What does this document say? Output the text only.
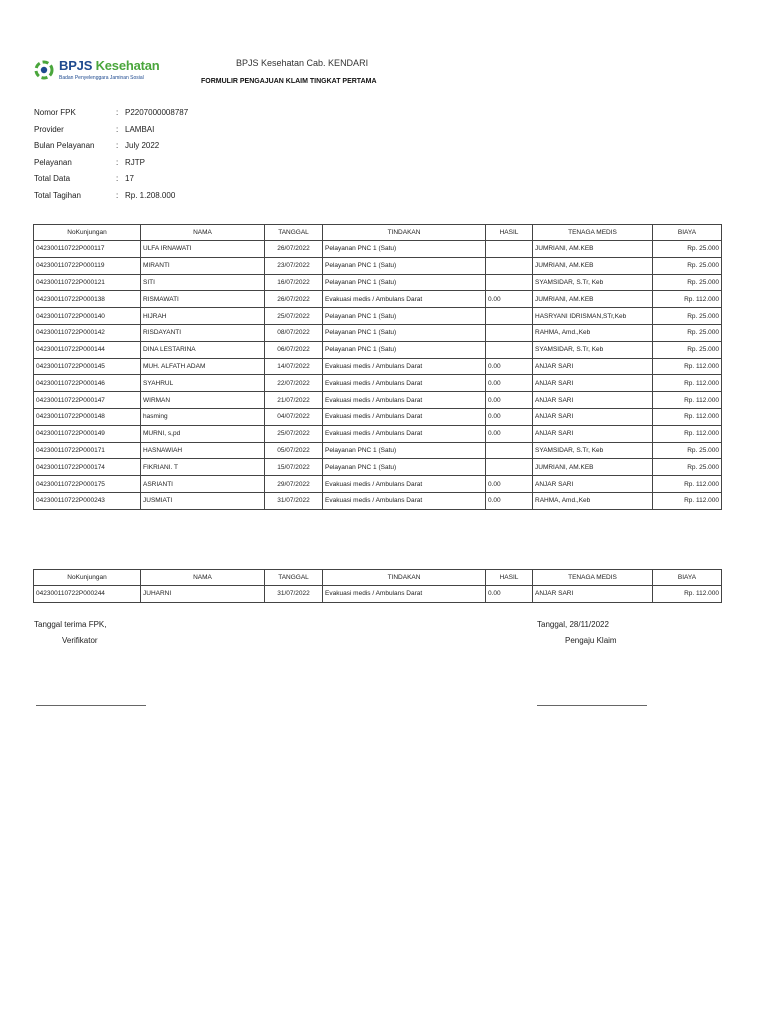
BPJS Kesehatan
Badan Penyelenggara Jaminan Sosial
BPJS Kesehatan Cab. KENDARI
FORMULIR PENGAJUAN KLAIM TINGKAT PERTAMA
Nomor FPK	: P2207000008787
Provider	: LAMBAI
Bulan Pelayanan	: July 2022
Pelayanan	: RJTP
Total Data	: 17
Total Tagihan	: Rp. 1.208.000
NoKunjungan	NAMA	TANGGAL	TINDAKAN	HASIL	TENAGA MEDIS	BIAYA
042300110722P000117	ULFA IRNAWATI	26/07/2022	Pelayanan PNC 1 (Satu)		JUMRIANI, AM.KEB	Rp. 25.000
042300110722P000119	MIRANTI	23/07/2022	Pelayanan PNC 1 (Satu)		JUMRIANI, AM.KEB	Rp. 25.000
042300110722P000121	SITI	16/07/2022	Pelayanan PNC 1 (Satu)		SYAMSIDAR, S.Tr, Keb	Rp. 25.000
042300110722P000138	RISMAWATI	26/07/2022	Evakuasi medis / Ambulans Darat	0.00	JUMRIANI, AM.KEB	Rp. 112.000
042300110722P000140	HIJRAH	25/07/2022	Pelayanan PNC 1 (Satu)		HASRYANI IDRISMAN,STr,Keb	Rp. 25.000
042300110722P000142	RISDAYANTI	08/07/2022	Pelayanan PNC 1 (Satu)		RAHMA, Amd.,Keb	Rp. 25.000
042300110722P000144	DINA LESTARINA	06/07/2022	Pelayanan PNC 1 (Satu)		SYAMSIDAR, S.Tr, Keb	Rp. 25.000
042300110722P000145	MUH. ALFATH ADAM	14/07/2022	Evakuasi medis / Ambulans Darat	0.00	ANJAR SARI	Rp. 112.000
042300110722P000146	SYAHRUL	22/07/2022	Evakuasi medis / Ambulans Darat	0.00	ANJAR SARI	Rp. 112.000
042300110722P000147	WIRMAN	21/07/2022	Evakuasi medis / Ambulans Darat	0.00	ANJAR SARI	Rp. 112.000
042300110722P000148	hasming	04/07/2022	Evakuasi medis / Ambulans Darat	0.00	ANJAR SARI	Rp. 112.000
042300110722P000149	MURNI, s,pd	25/07/2022	Evakuasi medis / Ambulans Darat	0.00	ANJAR SARI	Rp. 112.000
042300110722P000171	HASNAWIAH	05/07/2022	Pelayanan PNC 1 (Satu)		SYAMSIDAR, S.Tr, Keb	Rp. 25.000
042300110722P000174	FIKRIANI. T	15/07/2022	Pelayanan PNC 1 (Satu)		JUMRIANI, AM.KEB	Rp. 25.000
042300110722P000175	ASRIANTI	29/07/2022	Evakuasi medis / Ambulans Darat	0.00	ANJAR SARI	Rp. 112.000
042300110722P000243	JUSMIATI	31/07/2022	Evakuasi medis / Ambulans Darat	0.00	RAHMA, Amd.,Keb	Rp. 112.000
NoKunjungan	NAMA	TANGGAL	TINDAKAN	HASIL	TENAGA MEDIS	BIAYA
042300110722P000244	JUHARNI	31/07/2022	Evakuasi medis / Ambulans Darat	0.00	ANJAR SARI	Rp. 112.000
Tanggal terima FPK,
Verifikator
Tanggal, 28/11/2022
Pengaju Klaim
